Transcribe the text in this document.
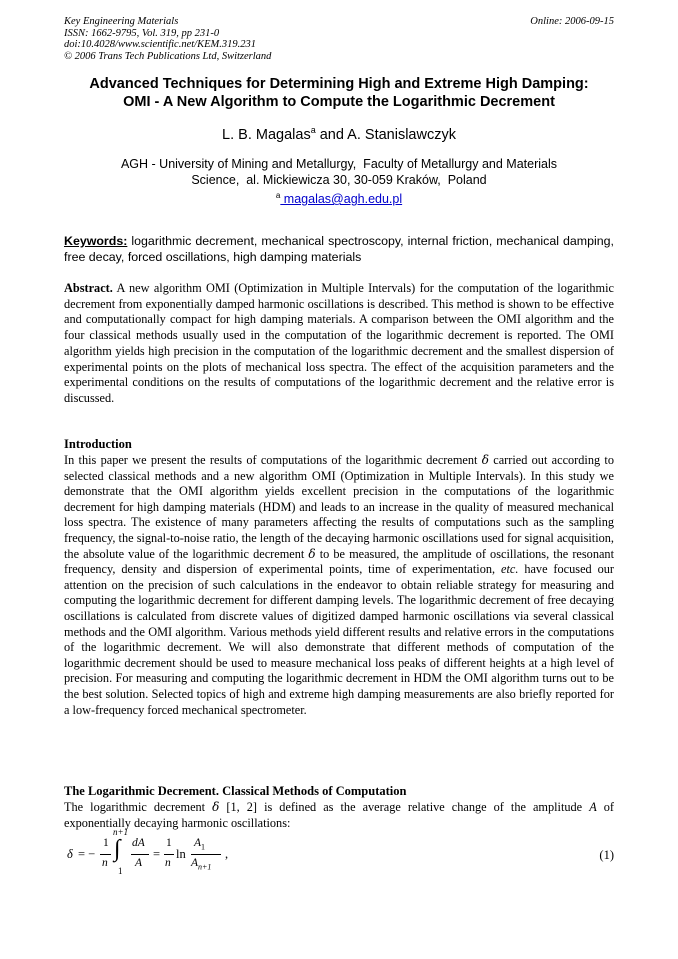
Key Engineering Materials
ISSN: 1662-9795, Vol. 319, pp 231-0
doi:10.4028/www.scientific.net/KEM.319.231
© 2006 Trans Tech Publications Ltd, Switzerland
Online: 2006-09-15
Advanced Techniques for Determining High and Extreme High Damping:
OMI - A New Algorithm to Compute the Logarithmic Decrement
L. B. Magalas$^a$ and A. Stanislawczyk
AGH - University of Mining and Metallurgy,  Faculty of Metallurgy and Materials
Science,  al. Mickiewicza 30, 30-059 Kraków,  Poland
$^a$ magalas@agh.edu.pl
Keywords: logarithmic decrement, mechanical spectroscopy, internal friction, mechanical damping, free decay, forced oscillations, high damping materials
Abstract. A new algorithm OMI (Optimization in Multiple Intervals) for the computation of the logarithmic decrement from exponentially damped harmonic oscillations is described. This method is shown to be effective and computationally compact for high damping materials. A comparison between the OMI algorithm and the four classical methods usually used in the computation of the logarithmic decrement is reported. The OMI algorithm yields high precision in the computation of the logarithmic decrement and the smallest dispersion of experimental points on the plots of mechanical loss spectra. The effect of the acquisition parameters and the experimental conditions on the results of computations of the logarithmic decrement and the relative error is discussed.
Introduction
In this paper we present the results of computations of the logarithmic decrement δ carried out according to selected classical methods and a new algorithm OMI (Optimization in Multiple Intervals). In this study we demonstrate that the OMI algorithm yields excellent precision in the computations of the logarithmic decrement for high damping materials (HDM) and leads to an increase in the quality of measured mechanical loss spectra. The existence of many parameters affecting the results of computations such as the sampling frequency, the signal-to-noise ratio, the length of the decaying harmonic oscillations used for signal acquisition, the absolute value of the logarithmic decrement δ to be measured, the amplitude of oscillations, the resonant frequency, density and dispersion of experimental points, time of experimentation, etc. have focused our attention on the precision of such calculations in the endeavor to obtain reliable strategy for measuring and computing the logarithmic decrement for different damping levels. The logarithmic decrement of free decaying oscillations is calculated from discrete values of digitized damped harmonic oscillations via several classical methods and the OMI algorithm. Various methods yield different results and relative errors in the computations of the logarithmic decrement. We will also demonstrate that different methods of computation of the logarithmic decrement should be used to measure mechanical loss peaks of different heights at a high level of precision. For measuring and computing the logarithmic decrement in HDM the OMI algorithm turns out to be the best solution. Selected topics of high and extreme high damping measurements are also briefly reported for a low-frequency forced mechanical spectrometer.
The Logarithmic Decrement. Classical Methods of Computation
The logarithmic decrement δ [1, 2] is defined as the average relative change of the amplitude A of exponentially decaying harmonic oscillations:
δ = −
1
n
n+1
∫
1
dA
A
=
1
n
ln
$A_1$
$A_{n+1}$
,	(1)
